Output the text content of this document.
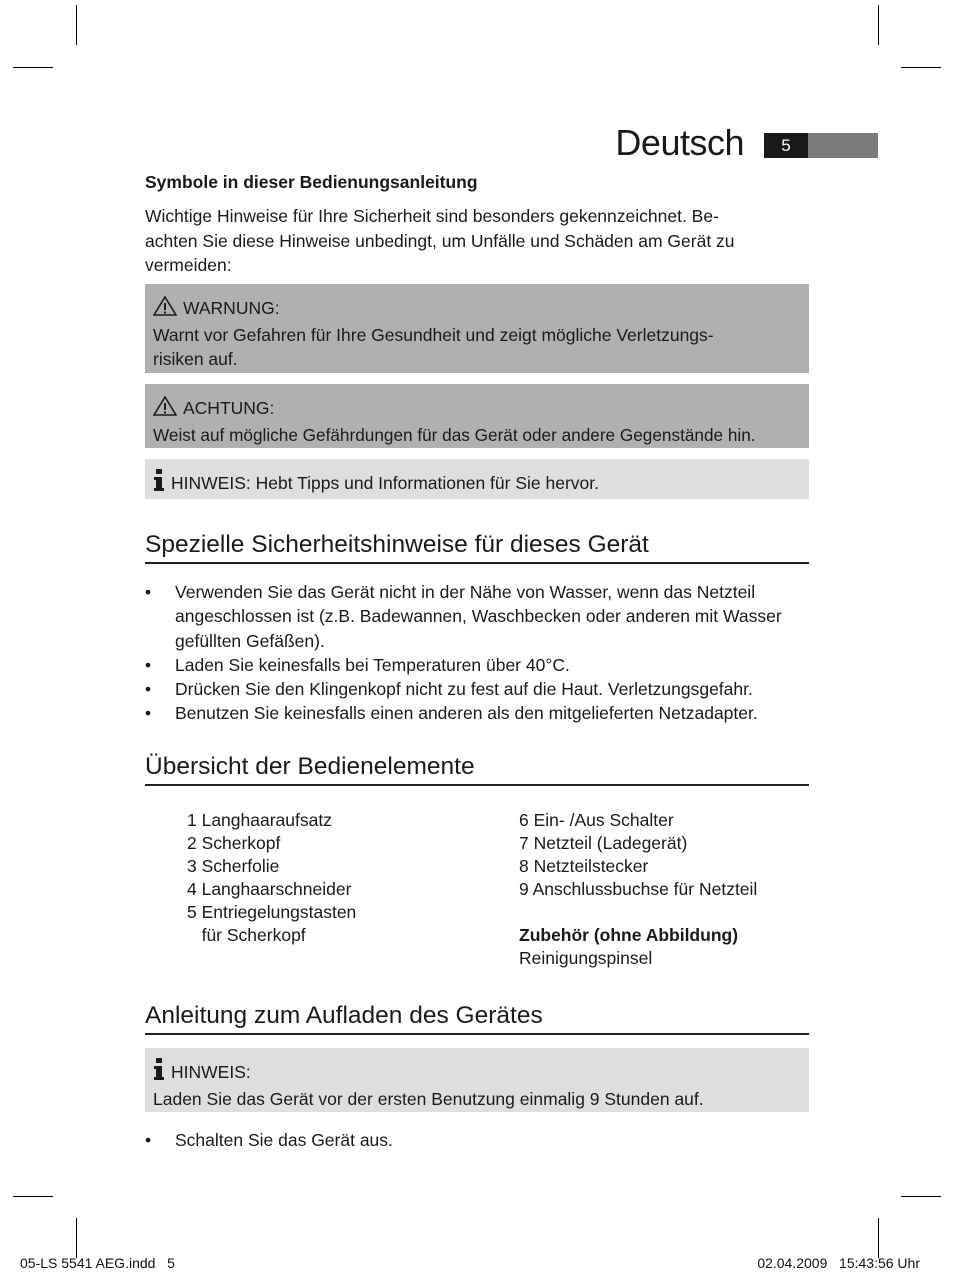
Deutsch	5
Symbole in dieser Bedienungsanleitung
Wichtige Hinweise für Ihre Sicherheit sind besonders gekennzeichnet. Be-
achten Sie diese Hinweise unbedingt, um Unfälle und Schäden am Gerät zu
vermeiden:
WARNUNG:
Warnt vor Gefahren für Ihre Gesundheit und zeigt mögliche Verletzungs-
risiken auf.
ACHTUNG:
Weist auf mögliche Gefährdungen für das Gerät oder andere Gegenstände hin.
HINWEIS: Hebt Tipps und Informationen für Sie hervor.
Spezielle Sicherheitshinweise für dieses Gerät
• Verwenden Sie das Gerät nicht in der Nähe von Wasser, wenn das Netzteil
angeschlossen ist (z.B. Badewannen, Waschbecken oder anderen mit Wasser
gefüllten Gefäßen).
• Laden Sie keinesfalls bei Temperaturen über 40°C.
• Drücken Sie den Klingenkopf nicht zu fest auf die Haut. Verletzungsgefahr.
• Benutzen Sie keinesfalls einen anderen als den mitgelieferten Netzadapter.
Übersicht der Bedienelemente
1 Langhaaraufsatz
2 Scherkopf
3 Scherfolie
4 Langhaarschneider
5 Entriegelungstasten
für Scherkopf
6 Ein- /Aus Schalter
7 Netzteil (Ladegerät)
8 Netzteilstecker
9 Anschlussbuchse für Netzteil
Zubehör (ohne Abbildung)
Reinigungspinsel
Anleitung zum Aufladen des Gerätes
HINWEIS:
Laden Sie das Gerät vor der ersten Benutzung einmalig 9 Stunden auf.
• Schalten Sie das Gerät aus.
05-LS 5541 AEG.indd   5	02.04.2009   15:43:56 Uhr
